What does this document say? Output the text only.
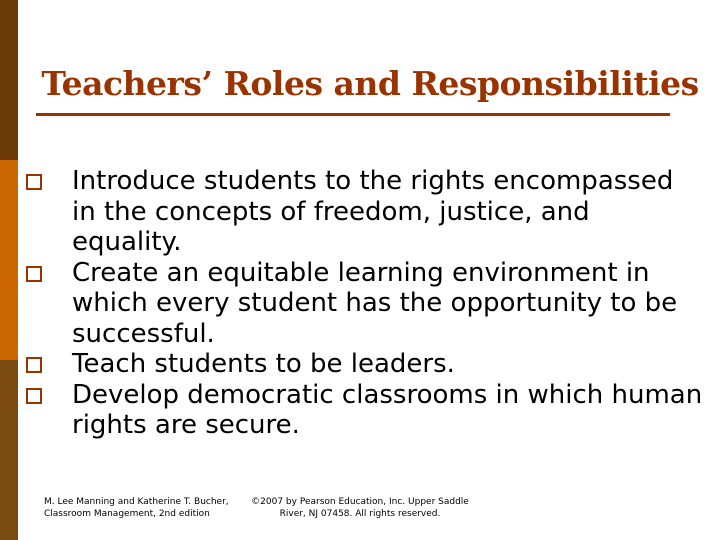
Teachers’ Roles and Responsibilities
Introduce students to the rights encompassed in the concepts of freedom, justice, and equality.
Create an equitable learning environment in which every student has the opportunity to be successful.
Teach students to be leaders.
Develop democratic classrooms in which human rights are secure.
M. Lee Manning and Katherine T. Bucher, Classroom Management, 2nd edition
©2007 by Pearson Education, Inc. Upper Saddle River, NJ 07458. All rights reserved.
